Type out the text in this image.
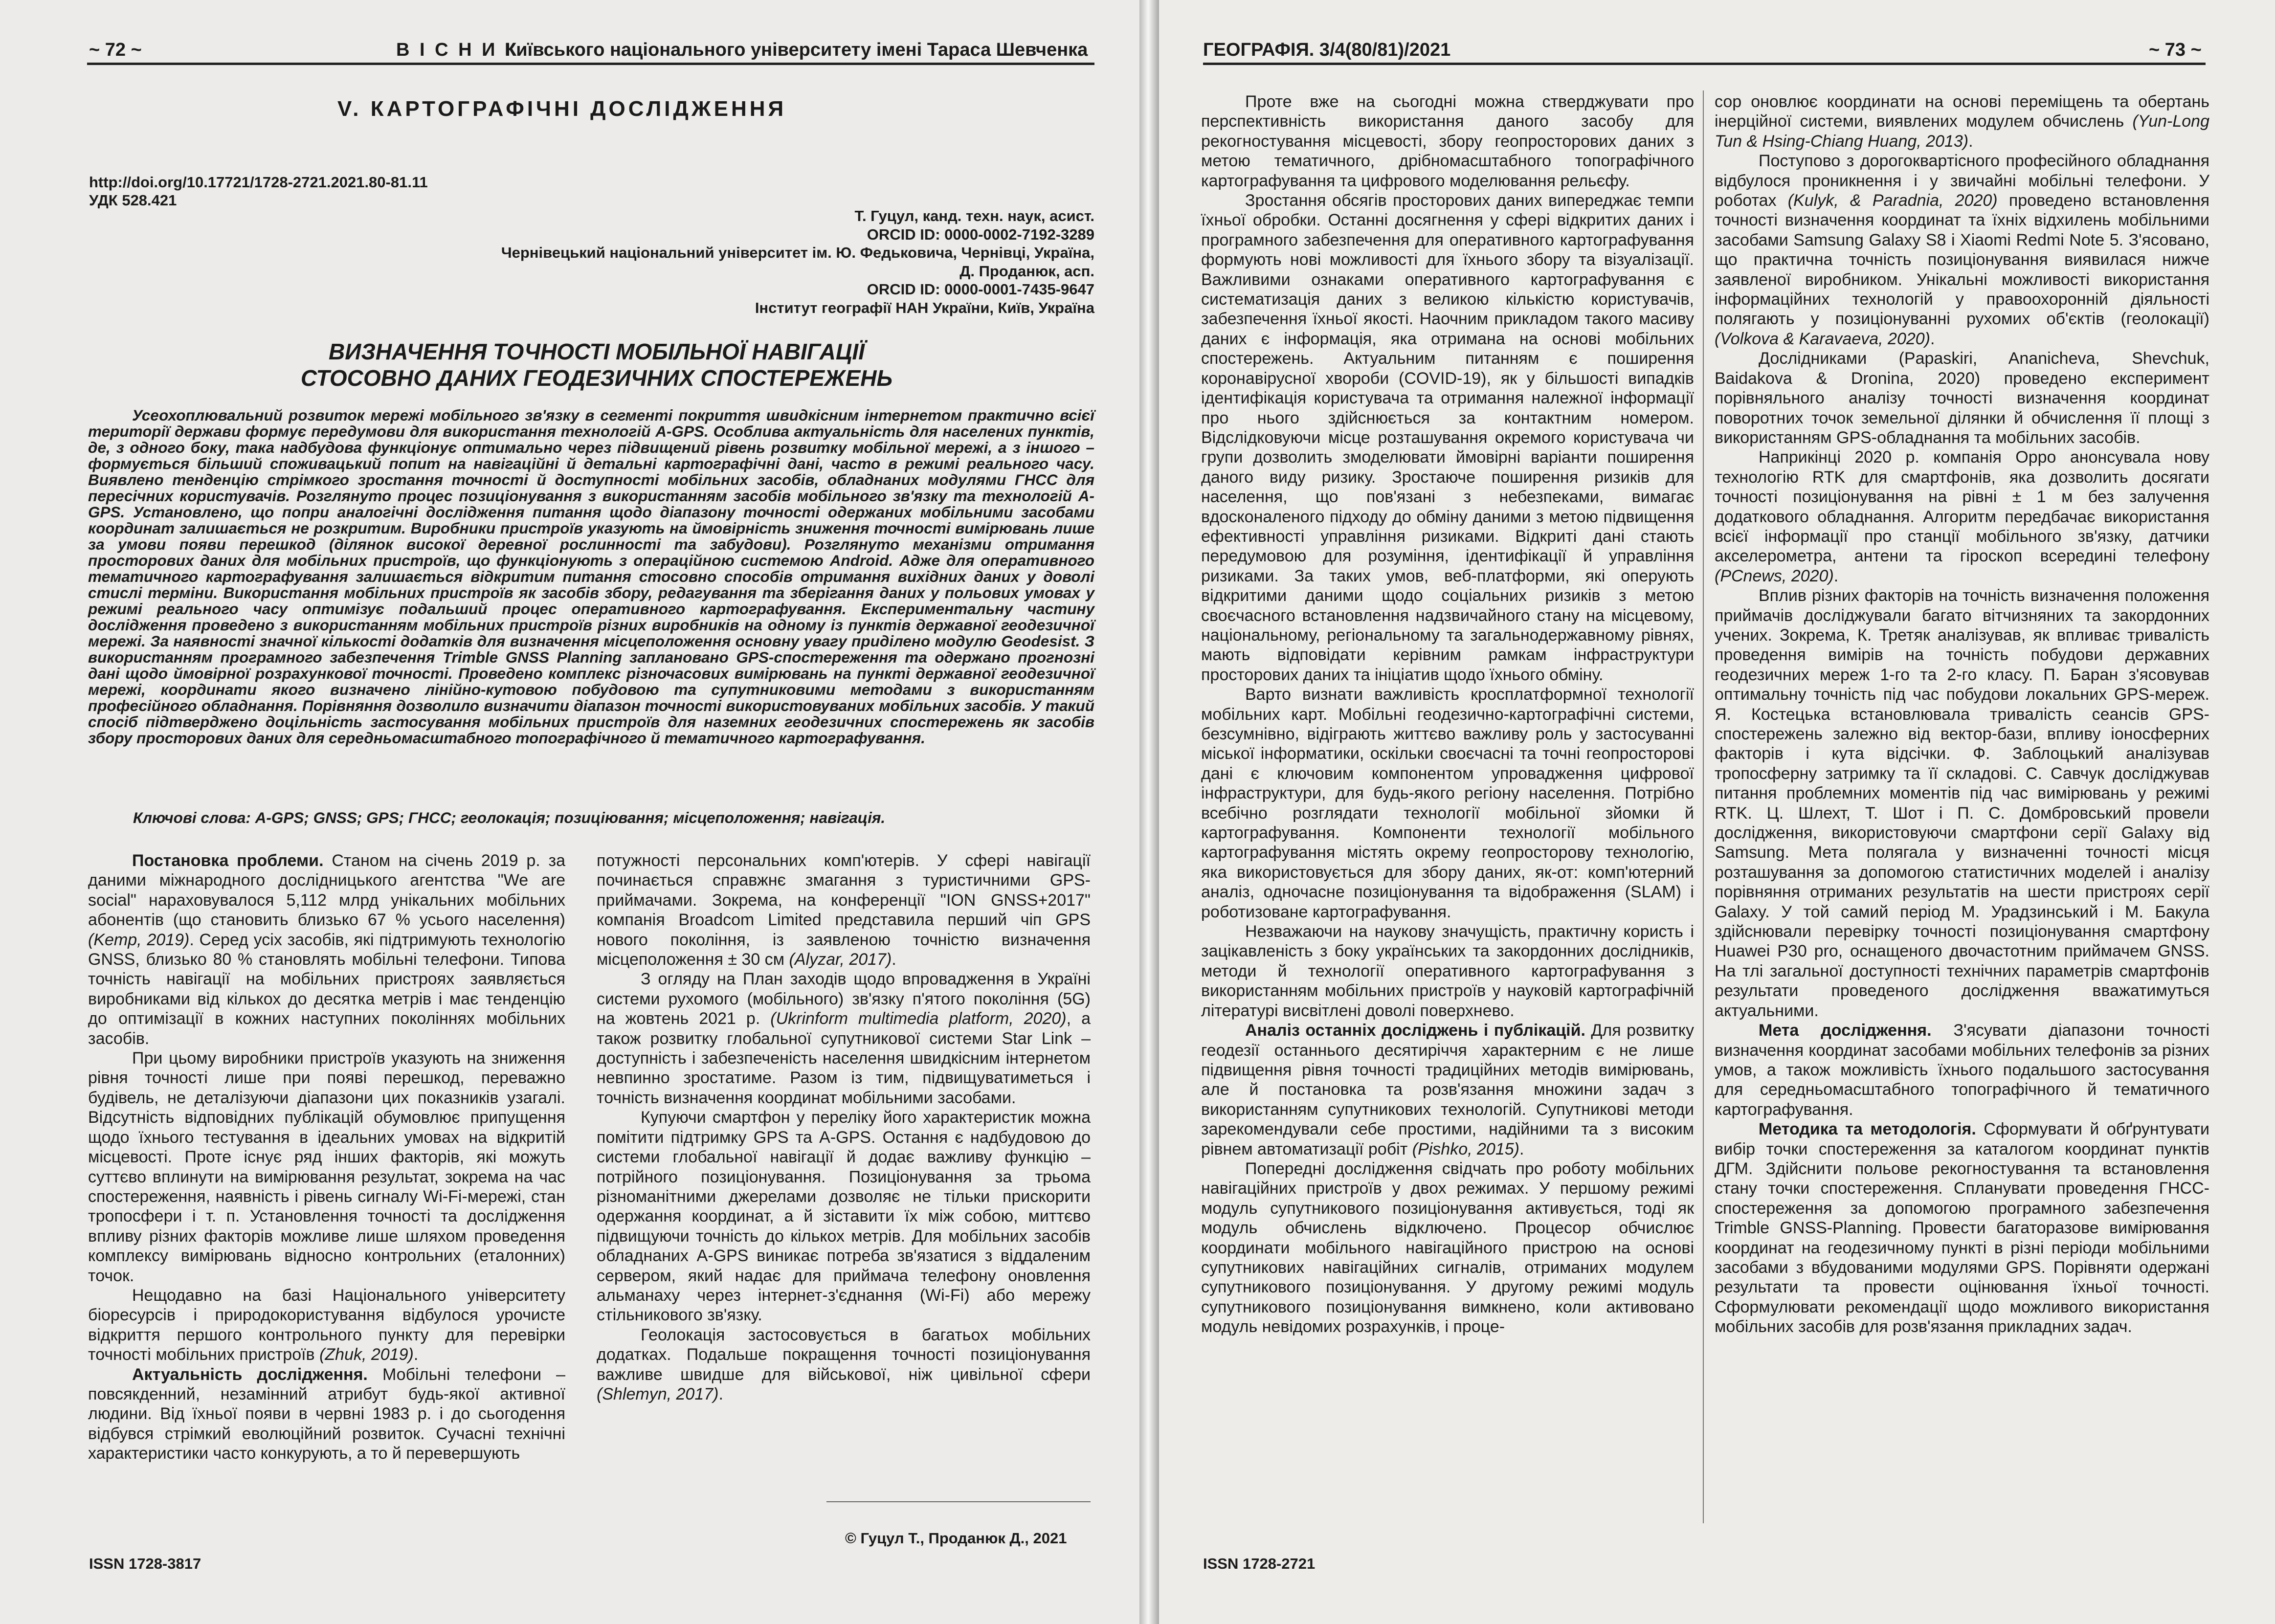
~ 72 ~	В І С Н И К
Київського національного університету імені Тараса Шевченка
V. КАРТОГРАФІЧНІ ДОСЛІДЖЕННЯ
http://doi.org/10.17721/1728-2721.2021.80-81.11
УДК 528.421
Т. Гуцул, канд. техн. наук, асист.
ORCID ID: 0000-0002-7192-3289
Чернівецький національний університет ім. Ю. Федьковича, Чернівці, Україна,
Д. Проданюк, асп.
ORCID ID: 0000-0001-7435-9647
Інститут географії НАН України, Київ, Україна
ВИЗНАЧЕННЯ ТОЧНОСТІ МОБІЛЬНОЇ НАВІГАЦІЇ
СТОСОВНО ДАНИХ ГЕОДЕЗИЧНИХ СПОСТЕРЕЖЕНЬ
Усеохоплювальний розвиток мережі мобільного зв'язку в сегменті покриття швидкісним інтернетом практично всієї території держави формує передумови для використання технологій A-GPS. Особлива актуальність для населених пунктів, де, з одного боку, така надбудова функціонує оптимально через підвищений рівень розвитку мобільної мережі, а з іншого – формується більший споживацький попит на навігаційні й детальні картографічні дані, часто в режимі реального часу. Виявлено тенденцію стрімкого зростання точності й доступності мобільних засобів, обладнаних модулями ГНСС для пересічних користувачів. Розглянуто процес позиціонування з використанням засобів мобільного зв'язку та технологій A-GPS. Установлено, що попри аналогічні дослідження питання щодо діапазону точності одержаних мобільними засобами координат залишається не розкритим. Виробники пристроїв указують на ймовірність зниження точності вимірювань лише за умови появи перешкод (ділянок високої деревної рослинності та забудови). Розглянуто механізми отримання просторових даних для мобільних пристроїв, що функціонують з операційною системою Android. Адже для оперативного тематичного картографування залишається відкритим питання стосовно способів отримання вихідних даних у доволі стислі терміни. Використання мобільних пристроїв як засобів збору, редагування та зберігання даних у польових умовах у режимі реального часу оптимізує подальший процес оперативного картографування. Експериментальну частину дослідження проведено з використанням мобільних пристроїв різних виробників на одному із пунктів державної геодезичної мережі. За наявності значної кількості додатків для визначення місцеположення основну увагу приділено модулю Geodesist. З використанням програмного забезпечення Trimble GNSS Planning заплановано GPS-спостереження та одержано прогнозні дані щодо ймовірної розрахункової точності. Проведено комплекс різночасових вимірювань на пункті державної геодезичної мережі, координати якого визначено лінійно-кутовою побудовою та супутниковими методами з використанням професійного обладнання. Порівняння дозволило визначити діапазон точності використовуваних мобільних засобів. У такий спосіб підтверджено доцільність застосування мобільних пристроїв для наземних геодезичних спостережень як засобів збору просторових даних для середньомасштабного топографічного й тематичного картографування.
Ключові слова: A-GPS; GNSS; GPS; ГНСС; геолокація; позиціювання; місцеположення; навігація.

Постановка проблеми. Станом на січень 2019 р. за даними міжнародного дослідницького агентства "We are social" нараховувалося 5,112 млрд унікальних мобільних абонентів (що становить близько 67 % усього населення) (Kemp, 2019). Серед усіх засобів, які підтримують технологію GNSS, близько 80 % становлять мобільні телефони. Типова точність навігації на мобільних пристроях заявляється виробниками від кількох до десятка метрів і має тенденцію до оптимізації в кожних наступних поколіннях мобільних засобів.

При цьому виробники пристроїв указують на зниження рівня точності лише при появі перешкод, переважно будівель, не деталізуючи діапазони цих показників узагалі. Відсутність відповідних публікацій обумовлює припущення щодо їхнього тестування в ідеальних умовах на відкритій місцевості. Проте існує ряд інших факторів, які можуть суттєво вплинути на вимірювання результат, зокрема на час спостереження, наявність і рівень сигналу Wi-Fi-мережі, стан тропосфери і т. п. Установлення точності та дослідження впливу різних факторів можливе лише шляхом проведення комплексу вимірювань відносно контрольних (еталонних) точок.

Нещодавно на базі Національного університету біоресурсів і природокористування відбулося урочисте відкриття першого контрольного пункту для перевірки точності мобільних пристроїв (Zhuk, 2019).

Актуальність дослідження. Мобільні телефони – повсякденний, незамінний атрибут будь-якої активної людини. Від їхньої появи в червні 1983 р. і до сьогодення відбувся стрімкий еволюційний розвиток. Сучасні технічні характеристики часто конкурують, а то й перевершують

потужності персональних комп'ютерів. У сфері навігації починається справжнє змагання з туристичними GPS-приймачами. Зокрема, на конференції "ION GNSS+2017" компанія Broadcom Limited представила перший чіп GPS нового покоління, із заявленою точністю визначення місцеположення ± 30 см (Alyzar, 2017).

З огляду на План заходів щодо впровадження в Україні системи рухомого (мобільного) зв'язку п'ятого покоління (5G) на жовтень 2021 р. (Ukrinform multimedia platform, 2020), а також розвитку глобальної супутникової системи Star Link – доступність і забезпеченість населення швидкісним інтернетом невпинно зростатиме. Разом із тим, підвищуватиметься і точність визначення координат мобільними засобами.

Купуючи смартфон у переліку його характеристик можна помітити підтримку GPS та A-GPS. Остання є надбудовою до системи глобальної навігації й додає важливу функцію – потрійного позиціонування. Позиціонування за трьома різноманітними джерелами дозволяє не тільки прискорити одержання координат, а й зіставити їх між собою, миттєво підвищуючи точність до кількох метрів. Для мобільних засобів обладнаних A-GPS виникає потреба зв'язатися з віддаленим сервером, який надає для приймача телефону оновлення альманаху через інтернет-з'єднання (Wi-Fi) або мережу стільникового зв'язку.

Геолокація застосовується в багатьох мобільних додатках. Подальше покращення точності позиціонування важливе швидше для військової, ніж цивільної сфери (Shlemyn, 2017).

© Гуцул Т., Проданюк Д., 2021
ISSN 1728-3817
ГЕОГРАФІЯ. 3/4(80/81)/2021	~ 73 ~

Проте вже на сьогодні можна стверджувати про перспективність використання даного засобу для рекогностування місцевості, збору геопросторових даних з метою тематичного, дрібномасштабного топографічного картографування та цифрового моделювання рельєфу.

Зростання обсягів просторових даних випереджає темпи їхньої обробки. Останні досягнення у сфері відкритих даних і програмного забезпечення для оперативного картографування формують нові можливості для їхнього збору та візуалізації. Важливими ознаками оперативного картографування є систематизація даних з великою кількістю користувачів, забезпечення їхньої якості. Наочним прикладом такого масиву даних є інформація, яка отримана на основі мобільних спостережень. Актуальним питанням є поширення коронавірусної хвороби (COVID-19), як у більшості випадків ідентифікація користувача та отримання належної інформації про нього здійснюється за контактним номером. Відслідковуючи місце розташування окремого користувача чи групи дозволить змоделювати ймовірні варіанти поширення даного виду ризику. Зростаюче поширення ризиків для населення, що пов'язані з небезпеками, вимагає вдосконаленого підходу до обміну даними з метою підвищення ефективності управління ризиками. Відкриті дані стають передумовою для розуміння, ідентифікації й управління ризиками. За таких умов, веб-платформи, які оперують відкритими даними щодо соціальних ризиків з метою своєчасного встановлення надзвичайного стану на місцевому, національному, регіональному та загальнодержавному рівнях, мають відповідати керівним рамкам інфраструктури просторових даних та ініціатив щодо їхнього обміну.

Варто визнати важливість кросплатформної технології мобільних карт. Мобільні геодезично-картографічні системи, безсумнівно, відіграють життєво важливу роль у застосуванні міської інформатики, оскільки своєчасні та точні геопросторові дані є ключовим компонентом упровадження цифрової інфраструктури, для будь-якого регіону населення. Потрібно всебічно розглядати технології мобільної зйомки й картографування. Компоненти технології мобільного картографування містять окрему геопросторову технологію, яка використовується для збору даних, як-от: комп'ютерний аналіз, одночасне позиціонування та відображення (SLAM) і роботизоване картографування.

Незважаючи на наукову значущість, практичну користь і зацікавленість з боку українських та закордонних дослідників, методи й технології оперативного картографування з використанням мобільних пристроїв у науковій картографічній літературі висвітлені доволі поверхнево.

Аналіз останніх досліджень і публікацій. Для розвитку геодезії останнього десятиріччя характерним є не лише підвищення рівня точності традиційних методів вимірювань, але й постановка та розв'язання множини задач з використанням супутникових технологій. Супутникові методи зарекомендували себе простими, надійними та з високим рівнем автоматизації робіт (Pishko, 2015).

Попередні дослідження свідчать про роботу мобільних навігаційних пристроїв у двох режимах. У першому режимі модуль супутникового позиціонування активується, тоді як модуль обчислень відключено. Процесор обчислює координати мобільного навігаційного пристрою на основі супутникових навігаційних сигналів, отриманих модулем супутникового позиціонування. У другому режимі модуль супутникового позиціонування вимкнено, коли активовано модуль невідомих розрахунків, і проце-

сор оновлює координати на основі переміщень та обертань інерційної системи, виявлених модулем обчислень (Yun-Long Tun & Hsing-Chiang Huang, 2013).

Поступово з дорогоквартісного професійного обладнання відбулося проникнення і у звичайні мобільні телефони. У роботах (Kulyk, & Paradnia, 2020) проведено встановлення точності визначення координат та їхніх відхилень мобільними засобами Samsung Galaxy S8 і Xiaomi Redmi Note 5. З'ясовано, що практична точність позиціонування виявилася нижче заявленої виробником. Унікальні можливості використання інформаційних технологій у правоохоронній діяльності полягають у позиціонуванні рухомих об'єктів (геолокації) (Volkova & Karavaeva, 2020).

Дослідниками (Papaskiri, Ananicheva, Shevchuk, Baidakova & Dronina, 2020) проведено експеримент порівняльного аналізу точності визначення координат поворотних точок земельної ділянки й обчислення її площі з використанням GPS-обладнання та мобільних засобів.

Наприкінці 2020 р. компанія Oppo анонсувала нову технологію RTK для смартфонів, яка дозволить досягати точності позиціонування на рівні ± 1 м без залучення додаткового обладнання. Алгоритм передбачає використання всієї інформації про станції мобільного зв'язку, датчики акселерометра, антени та гіроскоп всередині телефону (PCnews, 2020).

Вплив різних факторів на точність визначення положення приймачів досліджували багато вітчизняних та закордонних учених. Зокрема, К. Третяк аналізував, як впливає тривалість проведення вимірів на точність побудови державних геодезичних мереж 1-го та 2-го класу. П. Баран з'ясовував оптимальну точність під час побудови локальних GPS-мереж. Я. Костецька встановлювала тривалість сеансів GPS-спостережень залежно від вектор-бази, впливу іоносферних факторів і кута відсічки. Ф. Заблоцький аналізував тропосферну затримку та її складові. С. Савчук досліджував питання проблемних моментів під час вимірювань у режимі RTK. Ц. Шлехт, Т. Шот і П. С. Домбровський провели дослідження, використовуючи смартфони серії Galaxy від Samsung. Мета полягала у визначенні точності місця розташування за допомогою статистичних моделей і аналізу порівняння отриманих результатів на шести пристроях серії Galaxy. У той самий період М. Урадзинський і М. Бакула здійснювали перевірку точності позиціонування смартфону Huawei P30 pro, оснащеного двочастотним приймачем GNSS. На тлі загальної доступності технічних параметрів смартфонів результати проведеного дослідження вважатимуться актуальними.

Мета дослідження. З'ясувати діапазони точності визначення координат засобами мобільних телефонів за різних умов, а також можливість їхнього подальшого застосування для середньомасштабного топографічного й тематичного картографування.

Методика та методологія. Сформувати й обґрунтувати вибір точки спостереження за каталогом координат пунктів ДГМ. Здійснити польове рекогностування та встановлення стану точки спостереження. Спланувати проведення ГНСС-спостереження за допомогою програмного забезпечення Trimble GNSS-Planning. Провести багаторазове вимірювання координат на геодезичному пункті в різні періоди мобільними засобами з вбудованими модулями GPS. Порівняти одержані результати та провести оцінювання їхньої точності. Сформулювати рекомендації щодо можливого використання мобільних засобів для розв'язання прикладних задач.

ISSN 1728-2721
